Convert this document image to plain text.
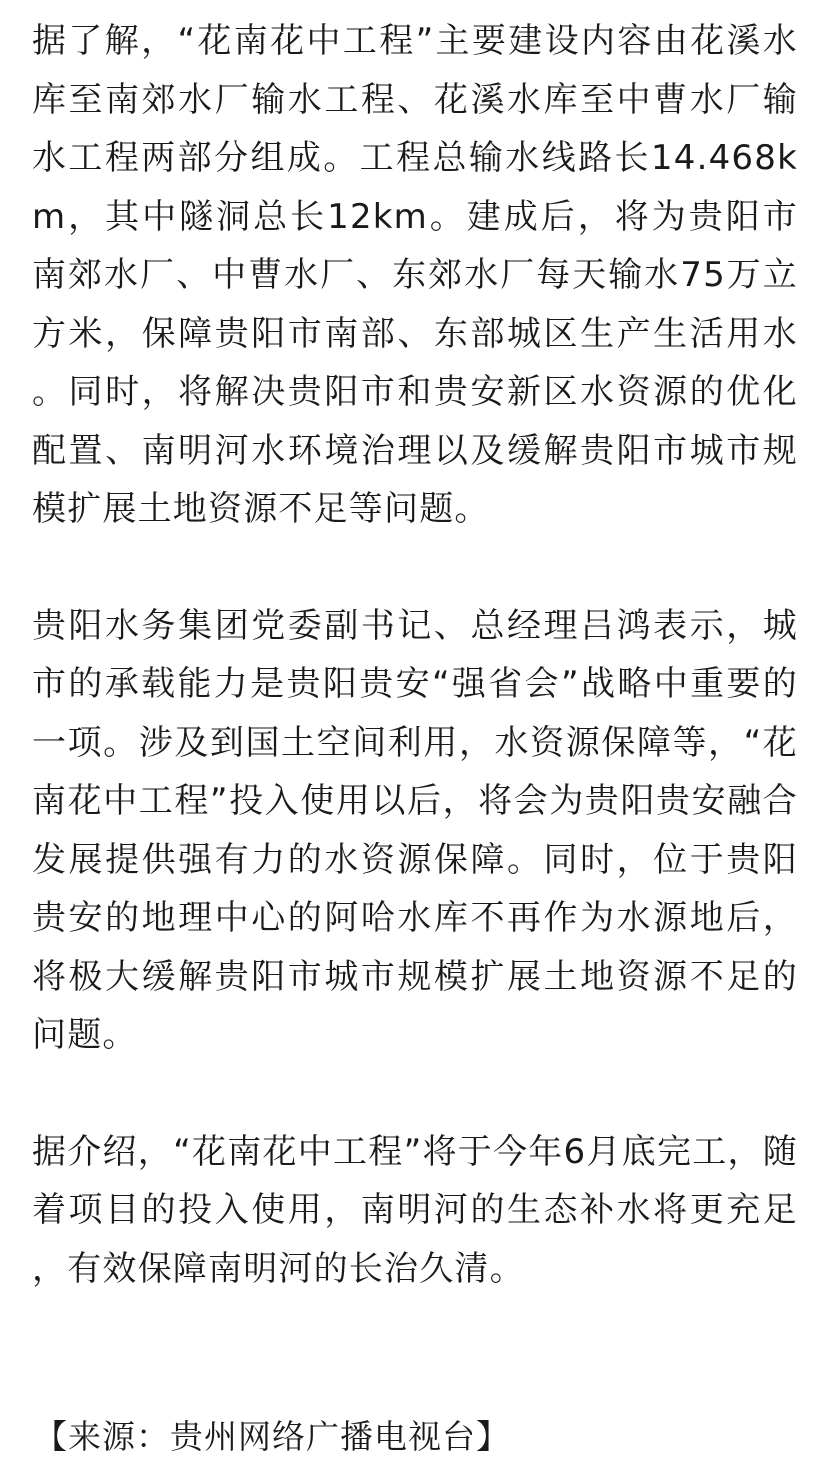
据了解，“花南花中工程”主要建设内容由花溪水库至南郊水厂输水工程、花溪水库至中曹水厂输水工程两部分组成。工程总输水线路长14.468km，其中隧洞总长12km。建成后，将为贵阳市南郊水厂、中曹水厂、东郊水厂每天输水75万立方米，保障贵阳市南部、东部城区生产生活用水。同时，将解决贵阳市和贵安新区水资源的优化配置、南明河水环境治理以及缓解贵阳市城市规模扩展土地资源不足等问题。

贵阳水务集团党委副书记、总经理吕鸿表示，城市的承载能力是贵阳贵安“强省会”战略中重要的一项。涉及到国土空间利用，水资源保障等，“花南花中工程”投入使用以后，将会为贵阳贵安融合发展提供强有力的水资源保障。同时，位于贵阳贵安的地理中心的阿哈水库不再作为水源地后，将极大缓解贵阳市城市规模扩展土地资源不足的问题。

据介绍，“花南花中工程”将于今年6月底完工，随着项目的投入使用，南明河的生态补水将更充足，有效保障南明河的长治久清。

【来源：贵州网络广播电视台】
